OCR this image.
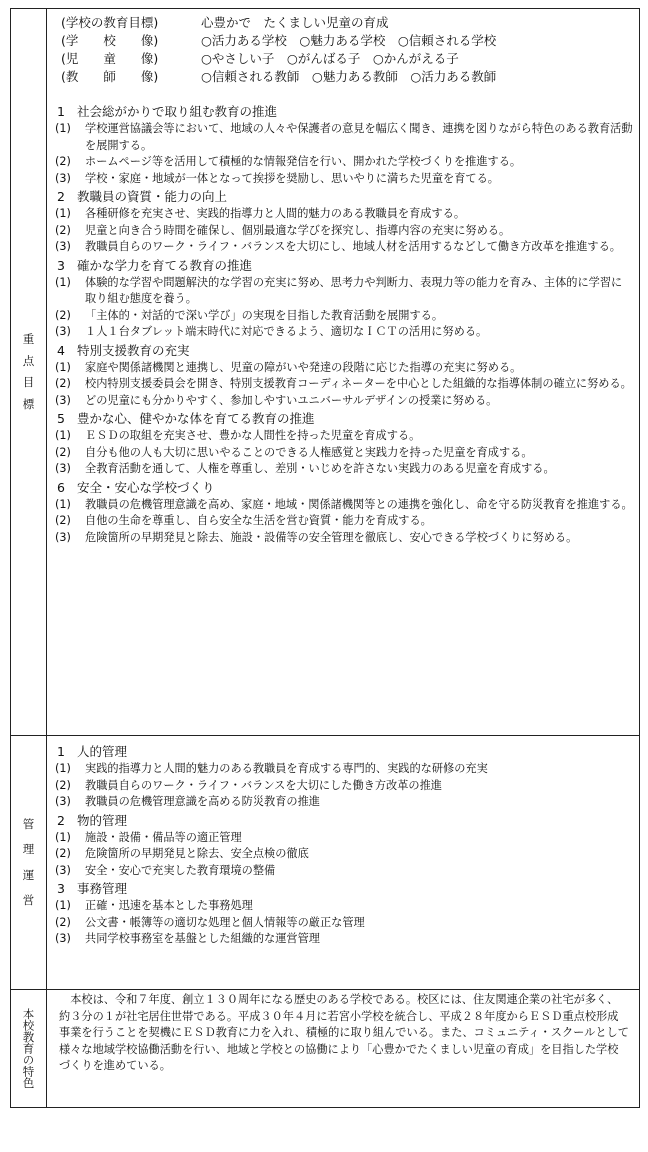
重
点
目
標
(学校の教育目標)	心豊かで　たくましい児童の育成
(学　　校　　像)	○活力ある学校　○魅力ある学校　○信頼される学校
(児　　童　　像)	○やさしい子　○がんばる子　○かんがえる子
(教　　師　　像)	○信頼される教師　○魅力ある教師　○活力ある教師
1 社会総がかりで取り組む教育の推進
(1)	学校運営協議会等において、地域の人々や保護者の意見を幅広く聞き、連携を図りながら特色のある教育活動を展開する。
(2)	ホームページ等を活用して積極的な情報発信を行い、開かれた学校づくりを推進する。
(3)	学校・家庭・地域が一体となって挨拶を奨励し、思いやりに満ちた児童を育てる。
2 教職員の資質・能力の向上
(1)	各種研修を充実させ、実践的指導力と人間的魅力のある教職員を育成する。
(2)	児童と向き合う時間を確保し、個別最適な学びを探究し、指導内容の充実に努める。
(3)	教職員自らのワーク・ライフ・バランスを大切にし、地域人材を活用するなどして働き方改革を推進する。
3 確かな学力を育てる教育の推進
(1)	体験的な学習や問題解決的な学習の充実に努め、思考力や判断力、表現力等の能力を育み、主体的に学習に取り組む態度を養う。
(2)	「主体的・対話的で深い学び」の実現を目指した教育活動を展開する。
(3)	１人１台タブレット端末時代に対応できるよう、適切なＩＣＴの活用に努める。
4 特別支援教育の充実
(1)	家庭や関係諸機関と連携し、児童の障がいや発達の段階に応じた指導の充実に努める。
(2)	校内特別支援委員会を開き、特別支援教育コーディネーターを中心とした組織的な指導体制の確立に努める。
(3)	どの児童にも分かりやすく、参加しやすいユニバーサルデザインの授業に努める。
5 豊かな心、健やかな体を育てる教育の推進
(1)	ＥＳＤの取組を充実させ、豊かな人間性を持った児童を育成する。
(2)	自分も他の人も大切に思いやることのできる人権感覚と実践力を持った児童を育成する。
(3)	全教育活動を通して、人権を尊重し、差別・いじめを許さない実践力のある児童を育成する。
6 安全・安心な学校づくり
(1)	教職員の危機管理意識を高め、家庭・地域・関係諸機関等との連携を強化し、命を守る防災教育を推進する。
(2)	自他の生命を尊重し、自ら安全な生活を営む資質・能力を育成する。
(3)	危険箇所の早期発見と除去、施設・設備等の安全管理を徹底し、安心できる学校づくりに努める。
管
理
運
営
1 人的管理
(1)	実践的指導力と人間的魅力のある教職員を育成する専門的、実践的な研修の充実
(2)	教職員自らのワーク・ライフ・バランスを大切にした働き方改革の推進
(3)	教職員の危機管理意識を高める防災教育の推進
2 物的管理
(1)	施設・設備・備品等の適正管理
(2)	危険箇所の早期発見と除去、安全点検の徹底
(3)	安全・安心で充実した教育環境の整備
3 事務管理
(1)	正確・迅速を基本とした事務処理
(2)	公文書・帳簿等の適切な処理と個人情報等の厳正な管理
(3)	共同学校事務室を基盤とした組織的な運営管理
本校教育の特色
本校は、令和７年度、創立１３０周年になる歴史のある学校である。校区には、住友関連企業の社宅が多く、約３分の１が社宅居住世帯である。平成３０年４月に若宮小学校を統合し、平成２８年度からＥＳＤ重点校形成事業を行うことを契機にＥＳＤ教育に力を入れ、積極的に取り組んでいる。また、コミュニティ・スクールとして様々な地域学校協働活動を行い、地域と学校との協働により「心豊かでたくましい児童の育成」を目指した学校づくりを進めている。
